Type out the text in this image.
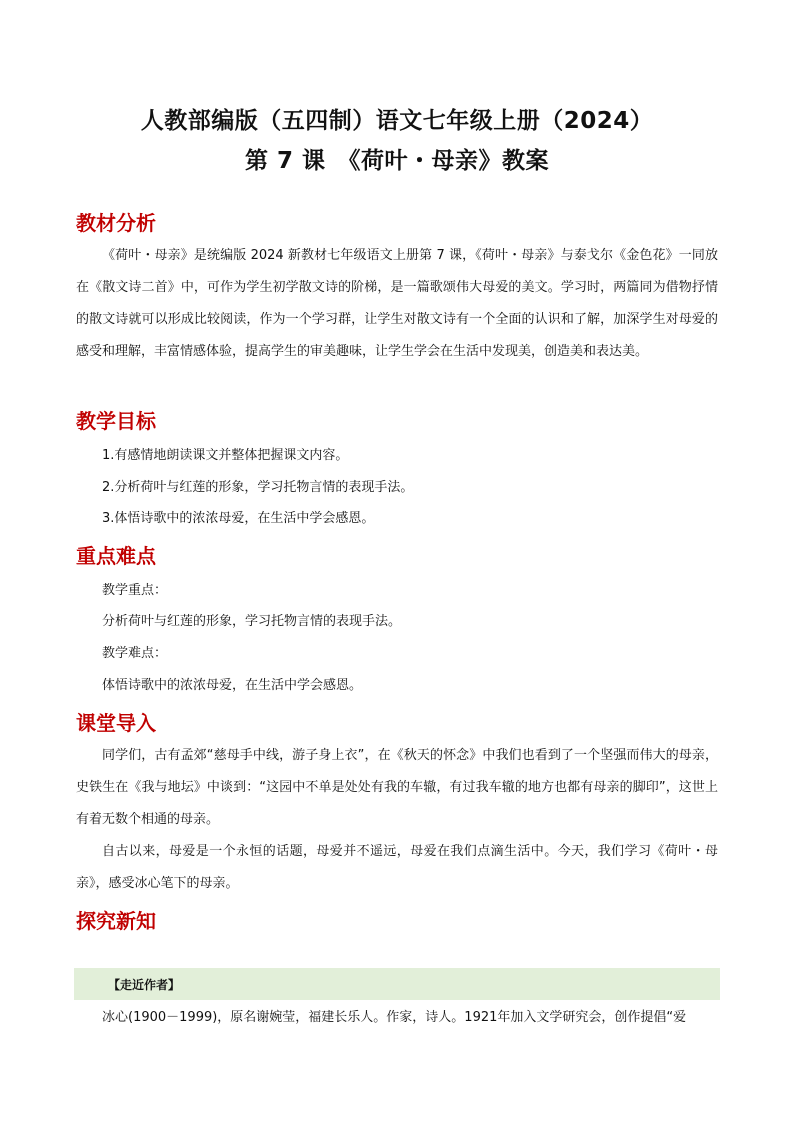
人教部编版（五四制）语文七年级上册（2024）
第 7 课　《荷叶・母亲》教案
教材分析
《荷叶・母亲》是统编版 2024 新教材七年级语文上册第 7 课，《荷叶・母亲》与泰戈尔《金色花》一同放在《散文诗二首》中，可作为学生初学散文诗的阶梯，是一篇歌颂伟大母爱的美文。学习时，两篇同为借物抒情的散文诗就可以形成比较阅读，作为一个学习群，让学生对散文诗有一个全面的认识和了解，加深学生对母爱的感受和理解，丰富情感体验，提高学生的审美趣味，让学生学会在生活中发现美，创造美和表达美。
教学目标
1.有感情地朗读课文并整体把握课文内容。
2.分析荷叶与红莲的形象，学习托物言情的表现手法。
3.体悟诗歌中的浓浓母爱，在生活中学会感恩。
重点难点
教学重点：
分析荷叶与红莲的形象，学习托物言情的表现手法。
教学难点：
体悟诗歌中的浓浓母爱，在生活中学会感恩。
课堂导入
同学们，古有孟郊“慈母手中线，游子身上衣”，在《秋天的怀念》中我们也看到了一个坚强而伟大的母亲，史铁生在《我与地坛》中谈到：“这园中不单是处处有我的车辙，有过我车辙的地方也都有母亲的脚印”，这世上有着无数个相通的母亲。
自古以来，母爱是一个永恒的话题，母爱并不遥远，母爱在我们点滴生活中。今天，我们学习《荷叶・母亲》，感受冰心笔下的母亲。
探究新知
【走近作者】
冰心(1900－1999)，原名谢婉莹，福建长乐人。作家，诗人。1921年加入文学研究会，创作提倡“爱
